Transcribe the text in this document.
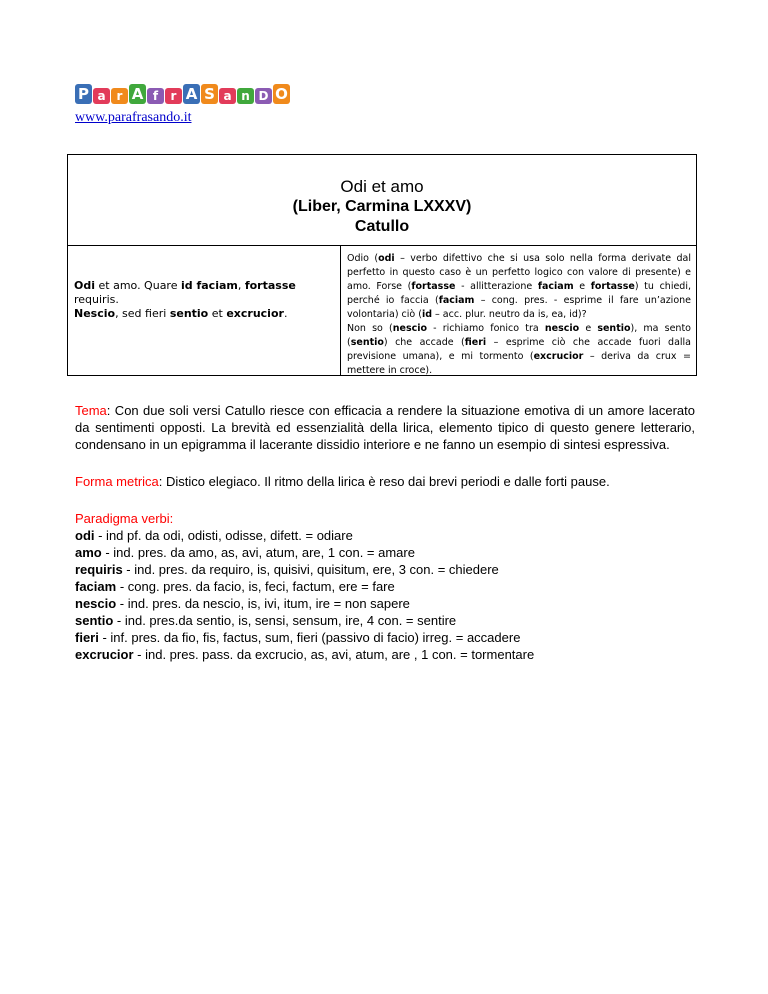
P a r A f	r A S a n D O
www.parafrasando.it
Odi et amo
(Liber, Carmina LXXXV)
Catullo
Odi et amo. Quare id faciam, fortasse requiris.
Nescio, sed fieri sentio et excrucior.
Odio (odi – verbo difettivo che si usa solo nella forma derivate dal perfetto in questo caso è un perfetto logico con valore di presente) e amo. Forse (fortasse - allitterazione faciam e fortasse) tu chiedi, perché io faccia (faciam – cong. pres. - esprime il fare un’azione volontaria) ciò (id – acc. plur. neutro da is, ea, id)?
Non so (nescio - richiamo fonico tra nescio e sentio), ma sento (sentio) che accade (fieri – esprime ciò che accade fuori dalla previsione umana), e mi tormento (excrucior – deriva da crux = mettere in croce).
Tema: Con due soli versi Catullo riesce con efficacia a rendere la situazione emotiva di un amore lacerato da sentimenti opposti. La brevità ed essenzialità della lirica, elemento tipico di questo genere letterario, condensano in un epigramma il lacerante dissidio interiore e ne fanno un esempio di sintesi espressiva.
Forma metrica: Distico elegiaco. Il ritmo della lirica è reso dai brevi periodi e dalle forti pause.
Paradigma verbi:
odi - ind pf. da odi, odisti, odisse, difett. = odiare
amo - ind. pres. da amo, as, avi, atum, are, 1 con. = amare
requiris - ind. pres. da requiro, is, quisivi, quisitum, ere, 3 con. = chiedere
faciam - cong. pres. da facio, is, feci, factum, ere = fare
nescio - ind. pres. da nescio, is, ivi, itum, ire = non sapere
sentio - ind. pres.da sentio, is, sensi, sensum, ire, 4 con. = sentire
fieri - inf. pres. da fio, fis, factus, sum, fieri (passivo di facio) irreg. = accadere
excrucior - ind. pres. pass. da excrucio, as, avi, atum, are , 1 con. = tormentare
